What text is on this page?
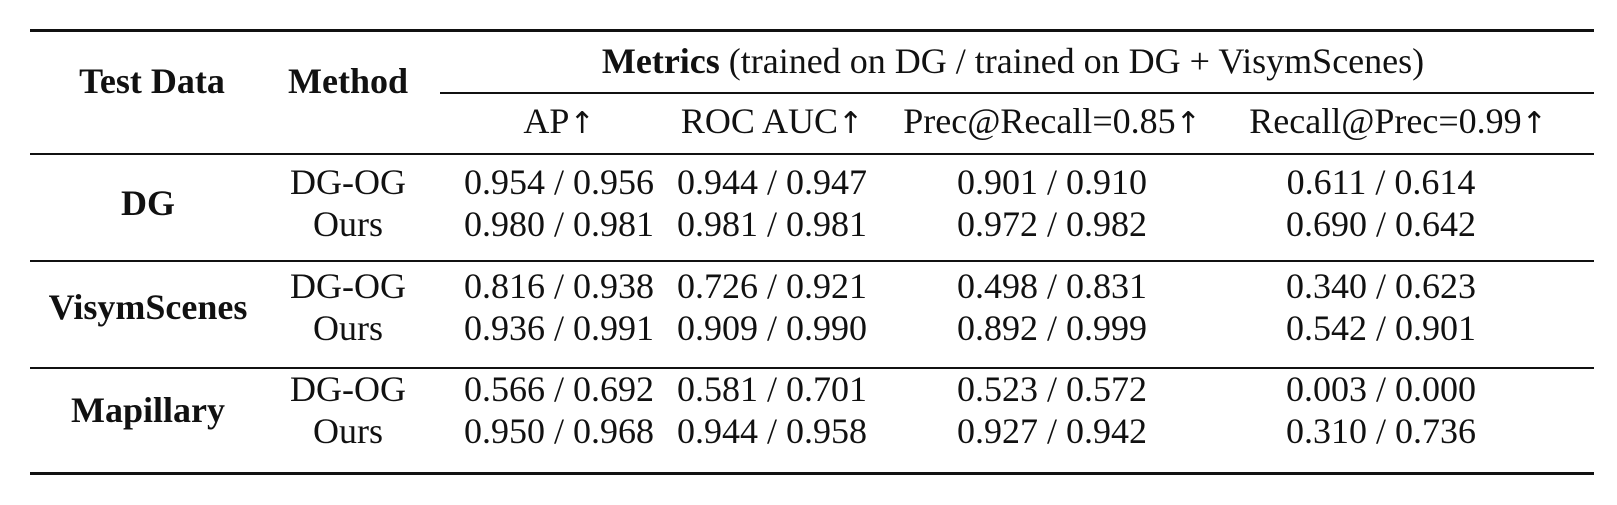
Test Data Method	Metrics (trained on DG / trained on DG + VisymScenes)
AP↑ ROC AUC↑ Prec@Recall=0.85↑ Recall@Prec=0.99↑
DG
DG-OG 0.954 / 0.956 0.944 / 0.947 0.901 / 0.910	0.611 / 0.614
Ours 0.980 / 0.981 0.981 / 0.981 0.972 / 0.982	0.690 / 0.642
VisymScenes
DG-OG 0.816 / 0.938 0.726 / 0.921 0.498 / 0.831	0.340 / 0.623
Ours 0.936 / 0.991 0.909 / 0.990 0.892 / 0.999	0.542 / 0.901
Mapillary
DG-OG 0.566 / 0.692 0.581 / 0.701 0.523 / 0.572	0.003 / 0.000
Ours 0.950 / 0.968 0.944 / 0.958 0.927 / 0.942	0.310 / 0.736
